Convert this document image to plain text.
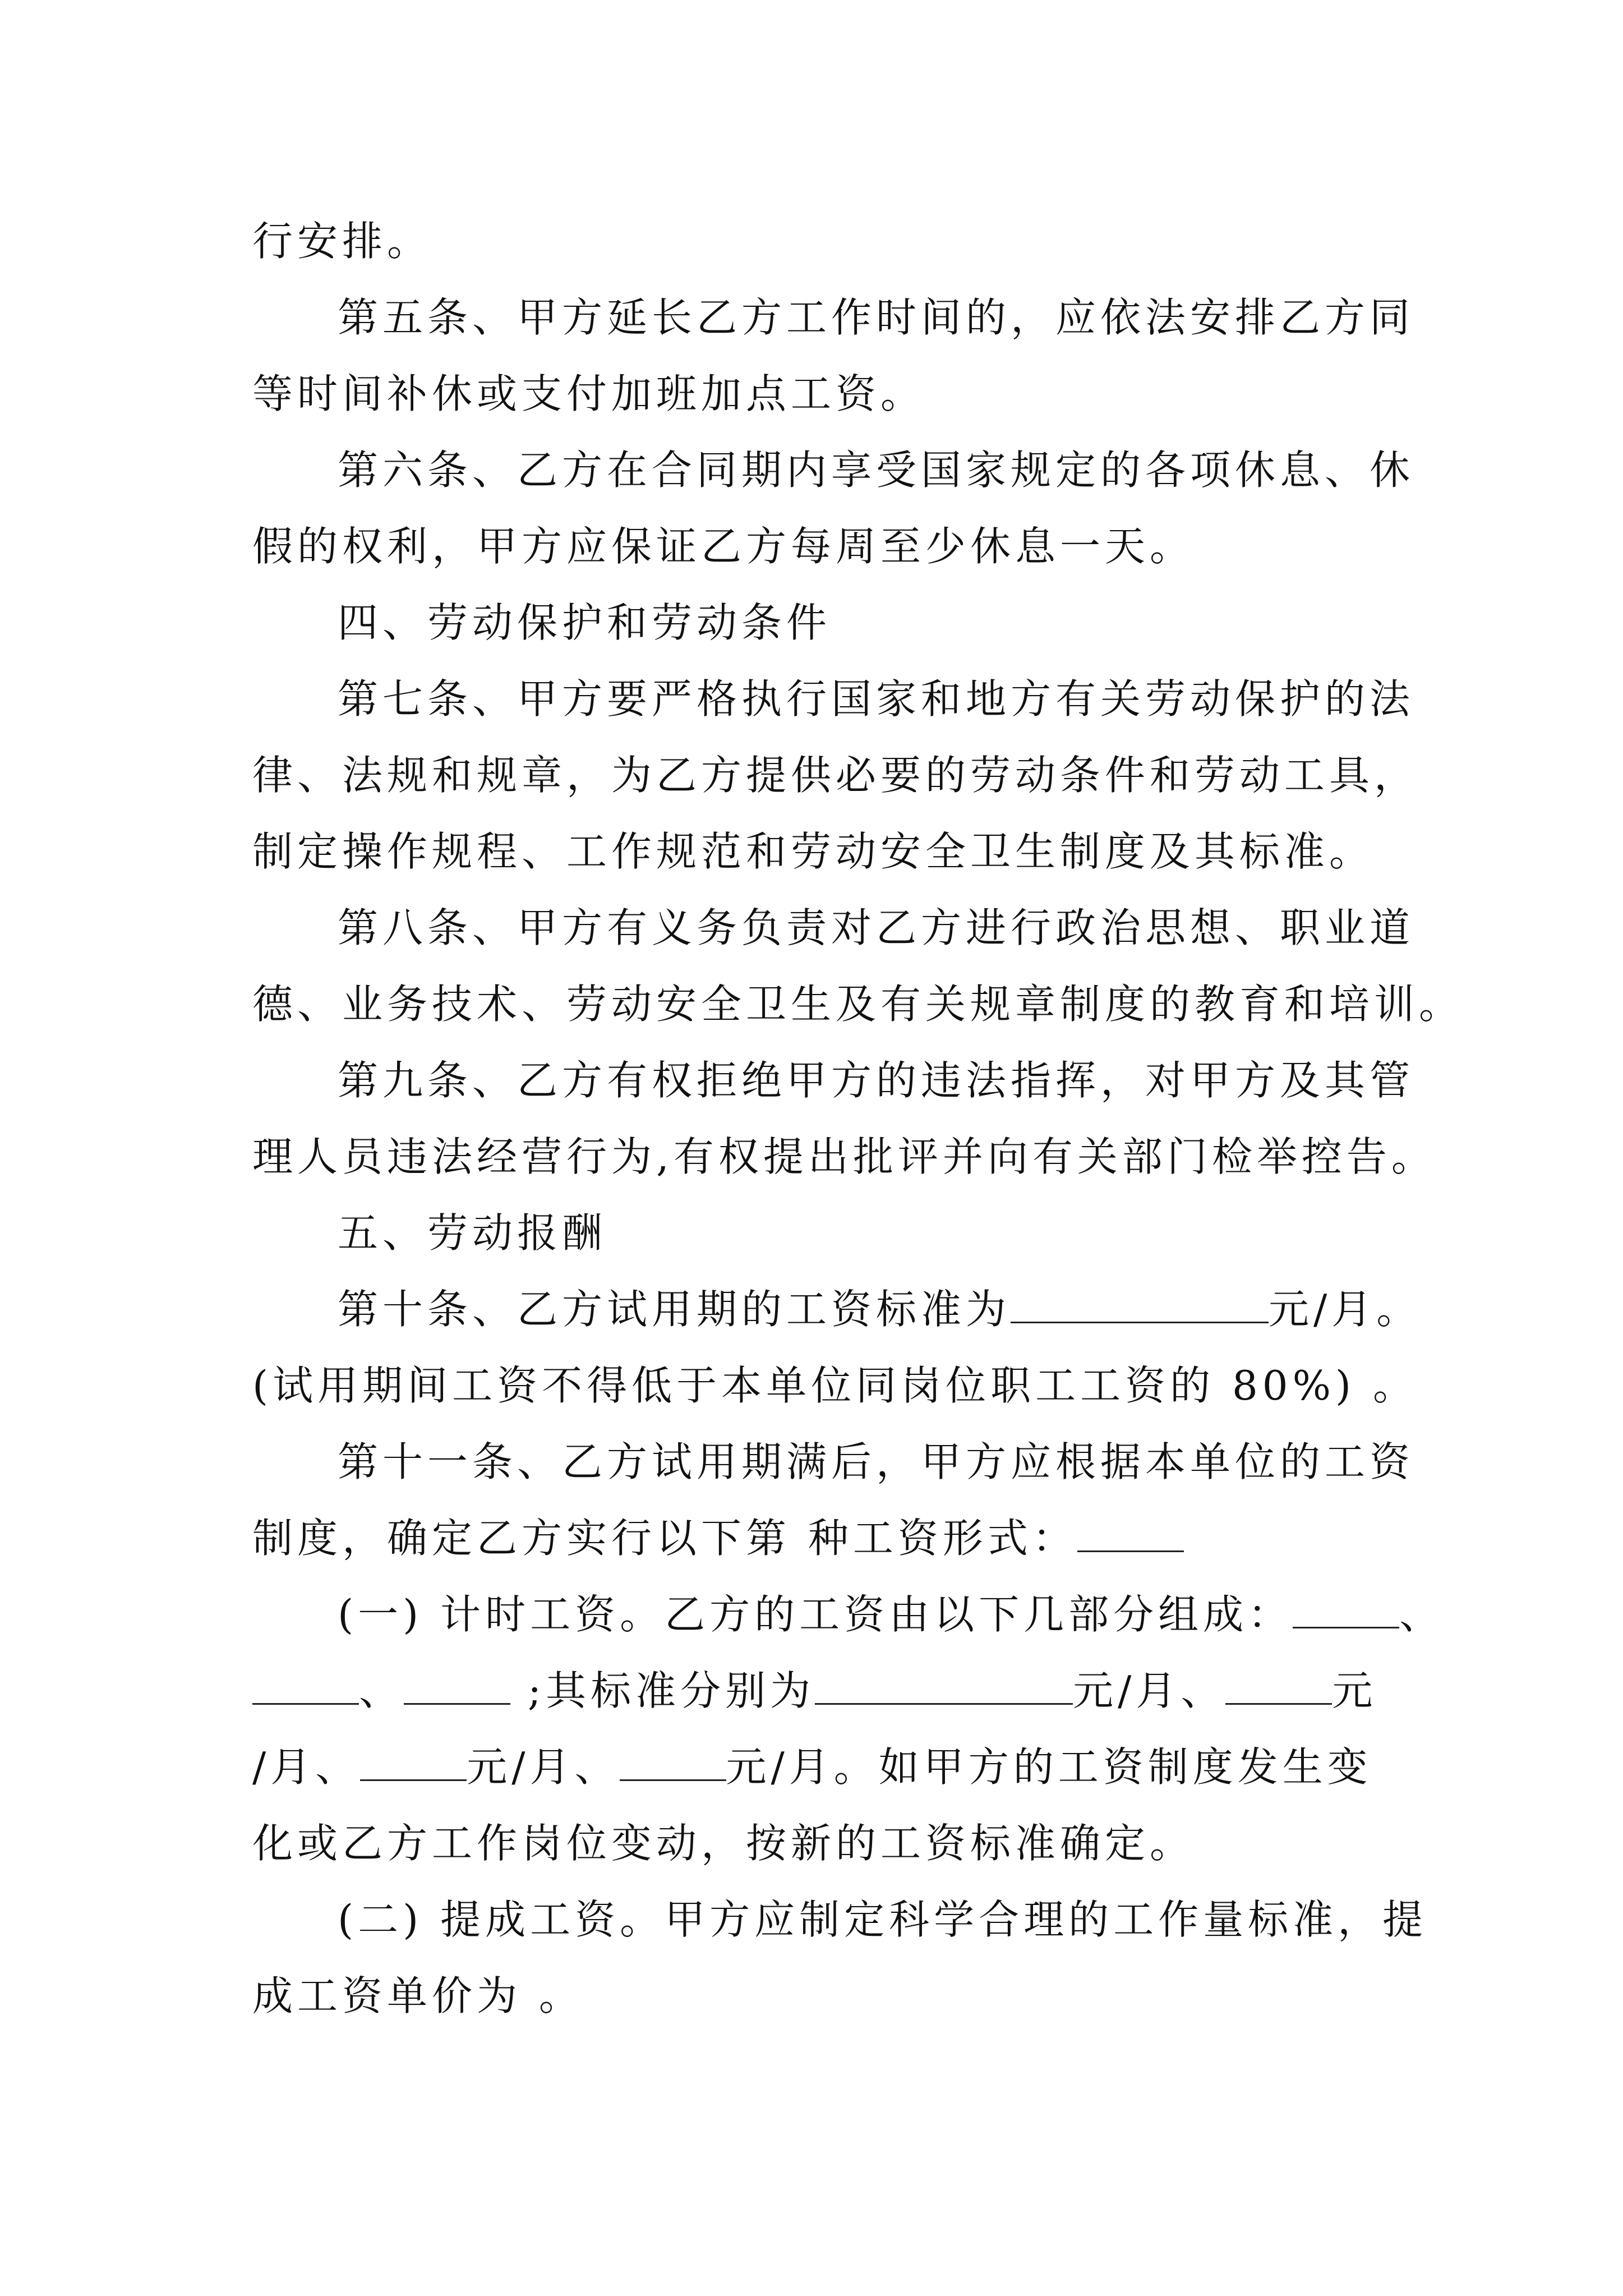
行安排。
第五条、甲方延长乙方工作时间的，应依法安排乙方同
等时间补休或支付加班加点工资。
第六条、乙方在合同期内享受国家规定的各项休息、休
假的权利，甲方应保证乙方每周至少休息一天。
四、劳动保护和劳动条件
第七条、甲方要严格执行国家和地方有关劳动保护的法
律、法规和规章，为乙方提供必要的劳动条件和劳动工具，
制定操作规程、工作规范和劳动安全卫生制度及其标准。
第八条、甲方有义务负责对乙方进行政治思想、职业道
德、业务技术、劳动安全卫生及有关规章制度的教育和培训。
第九条、乙方有权拒绝甲方的违法指挥，对甲方及其管
理人员违法经营行为,有权提出批评并向有关部门检举控告。
五、劳动报酬
第十条、乙方试用期的工资标准为	元/月。
(试用期间工资不得低于本单位同岗位职工工资的 80%) 。
第十一条、乙方试用期满后，甲方应根据本单位的工资
制度，确定乙方实行以下第 种工资形式：
(一) 计时工资。乙方的工资由以下几部分组成：	、
、	;其标准分别为	元/月、	元
/月、	元/月、	元/月。如甲方的工资制度发生变
化或乙方工作岗位变动，按新的工资标准确定。
(二) 提成工资。甲方应制定科学合理的工作量标准，提
成工资单价为 。
